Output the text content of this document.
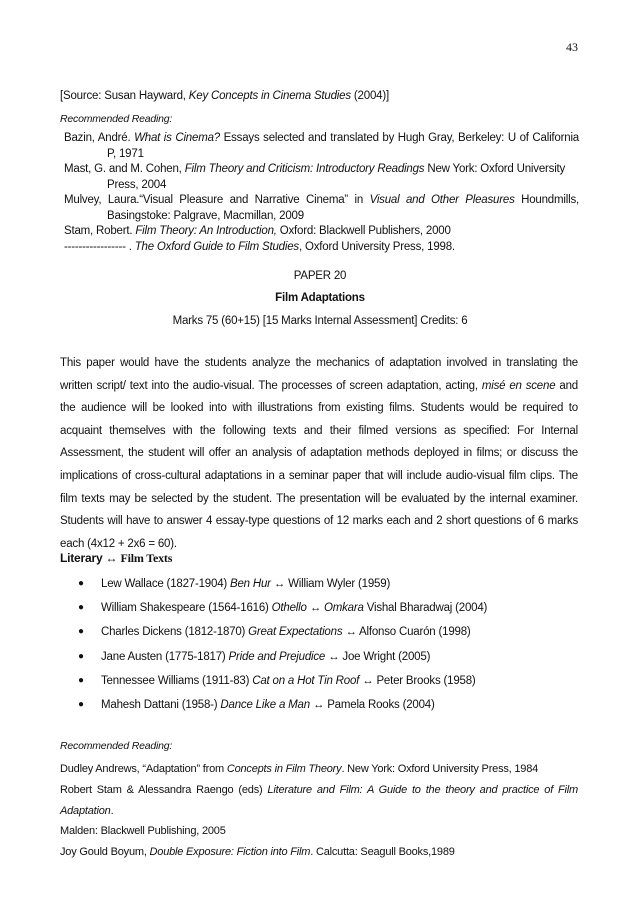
43
[Source: Susan Hayward, Key Concepts in Cinema Studies (2004)]
Recommended Reading:
Bazin, André. What is Cinema? Essays selected and translated by Hugh Gray, Berkeley: U of California
P, 1971
Mast, G. and M. Cohen, Film Theory and Criticism: Introductory Readings New York: Oxford University
Press, 2004
Mulvey, Laura.“Visual Pleasure and Narrative Cinema” in Visual and Other Pleasures Houndmills,
Basingstoke: Palgrave, Macmillan, 2009
Stam, Robert. Film Theory: An Introduction, Oxford: Blackwell Publishers, 2000
----------------- . The Oxford Guide to Film Studies, Oxford University Press, 1998.
PAPER 20
Film Adaptations
Marks 75 (60+15) [15 Marks Internal Assessment] Credits: 6
This paper would have the students analyze the mechanics of adaptation involved in translating the written script/ text into the audio-visual. The processes of screen adaptation, acting, misé en scene and the audience will be looked into with illustrations from existing films. Students would be required to acquaint themselves with the following texts and their filmed versions as specified: For Internal Assessment, the student will offer an analysis of adaptation methods deployed in films; or discuss the implications of cross-cultural adaptations in a seminar paper that will include audio-visual film clips. The film texts may be selected by the student. The presentation will be evaluated by the internal examiner. Students will have to answer 4 essay-type questions of 12 marks each and 2 short questions of 6 marks each (4x12 + 2x6 = 60).
Literary ↔ Film Texts
● Lew Wallace (1827-1904) Ben Hur ↔ William Wyler (1959)
● William Shakespeare (1564-1616) Othello ↔ Omkara Vishal Bharadwaj (2004)
● Charles Dickens (1812-1870) Great Expectations ↔ Alfonso Cuarón (1998)
● Jane Austen (1775-1817) Pride and Prejudice ↔ Joe Wright (2005)
● Tennessee Williams (1911-83) Cat on a Hot Tin Roof ↔ Peter Brooks (1958)
● Mahesh Dattani (1958-) Dance Like a Man ↔ Pamela Rooks (2004)
Recommended Reading:
Dudley Andrews, “Adaptation” from Concepts in Film Theory. New York: Oxford University Press, 1984
Robert Stam & Alessandra Raengo (eds) Literature and Film: A Guide to the theory and practice of Film Adaptation.
Malden: Blackwell Publishing, 2005
Joy Gould Boyum, Double Exposure: Fiction into Film. Calcutta: Seagull Books,1989
